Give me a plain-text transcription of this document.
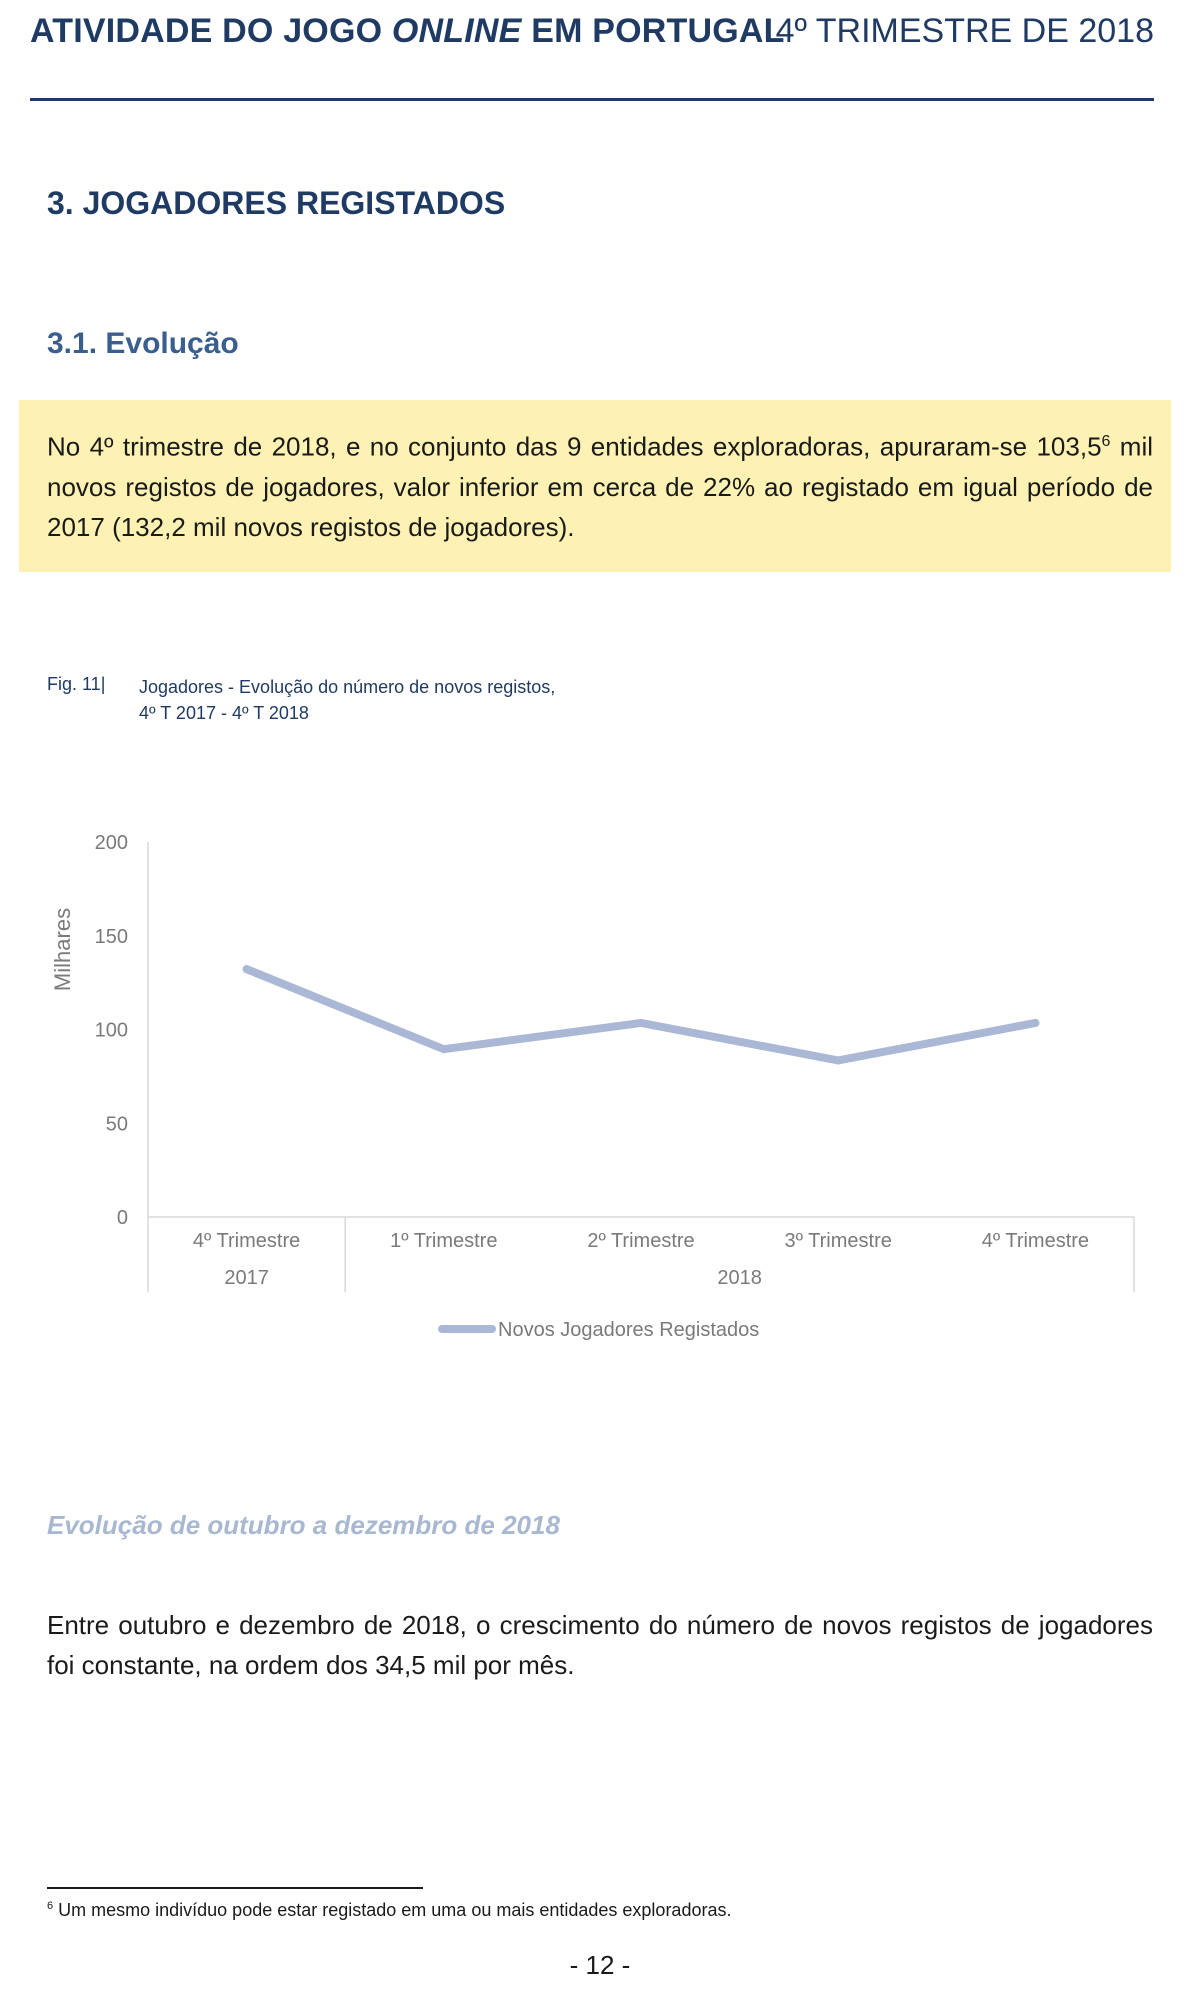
ATIVIDADE DO JOGO ONLINE EM PORTUGAL
4º TRIMESTRE DE 2018
3. JOGADORES REGISTADOS
3.1. Evolução
No 4º trimestre de 2018, e no conjunto das 9 entidades exploradoras, apuraram-se 103,5$^6$ mil novos registos de jogadores, valor inferior em cerca de 22% ao registado em igual período de 2017 (132,2 mil novos registos de jogadores).
Fig. 11| Jogadores - Evolução do número de novos registos,
4º T 2017 - 4º T 2018
0
50
100
150
200
Milhares
4º Trimestre	1º Trimestre	2º Trimestre	3º Trimestre	4º Trimestre
2017	2018
Novos Jogadores Registados
Evolução de outubro a dezembro de 2018
Entre outubro e dezembro de 2018, o crescimento do número de novos registos de jogadores foi constante, na ordem dos 34,5 mil por mês.
$^6$ Um mesmo indivíduo pode estar registado em uma ou mais entidades exploradoras.
- 12 -
